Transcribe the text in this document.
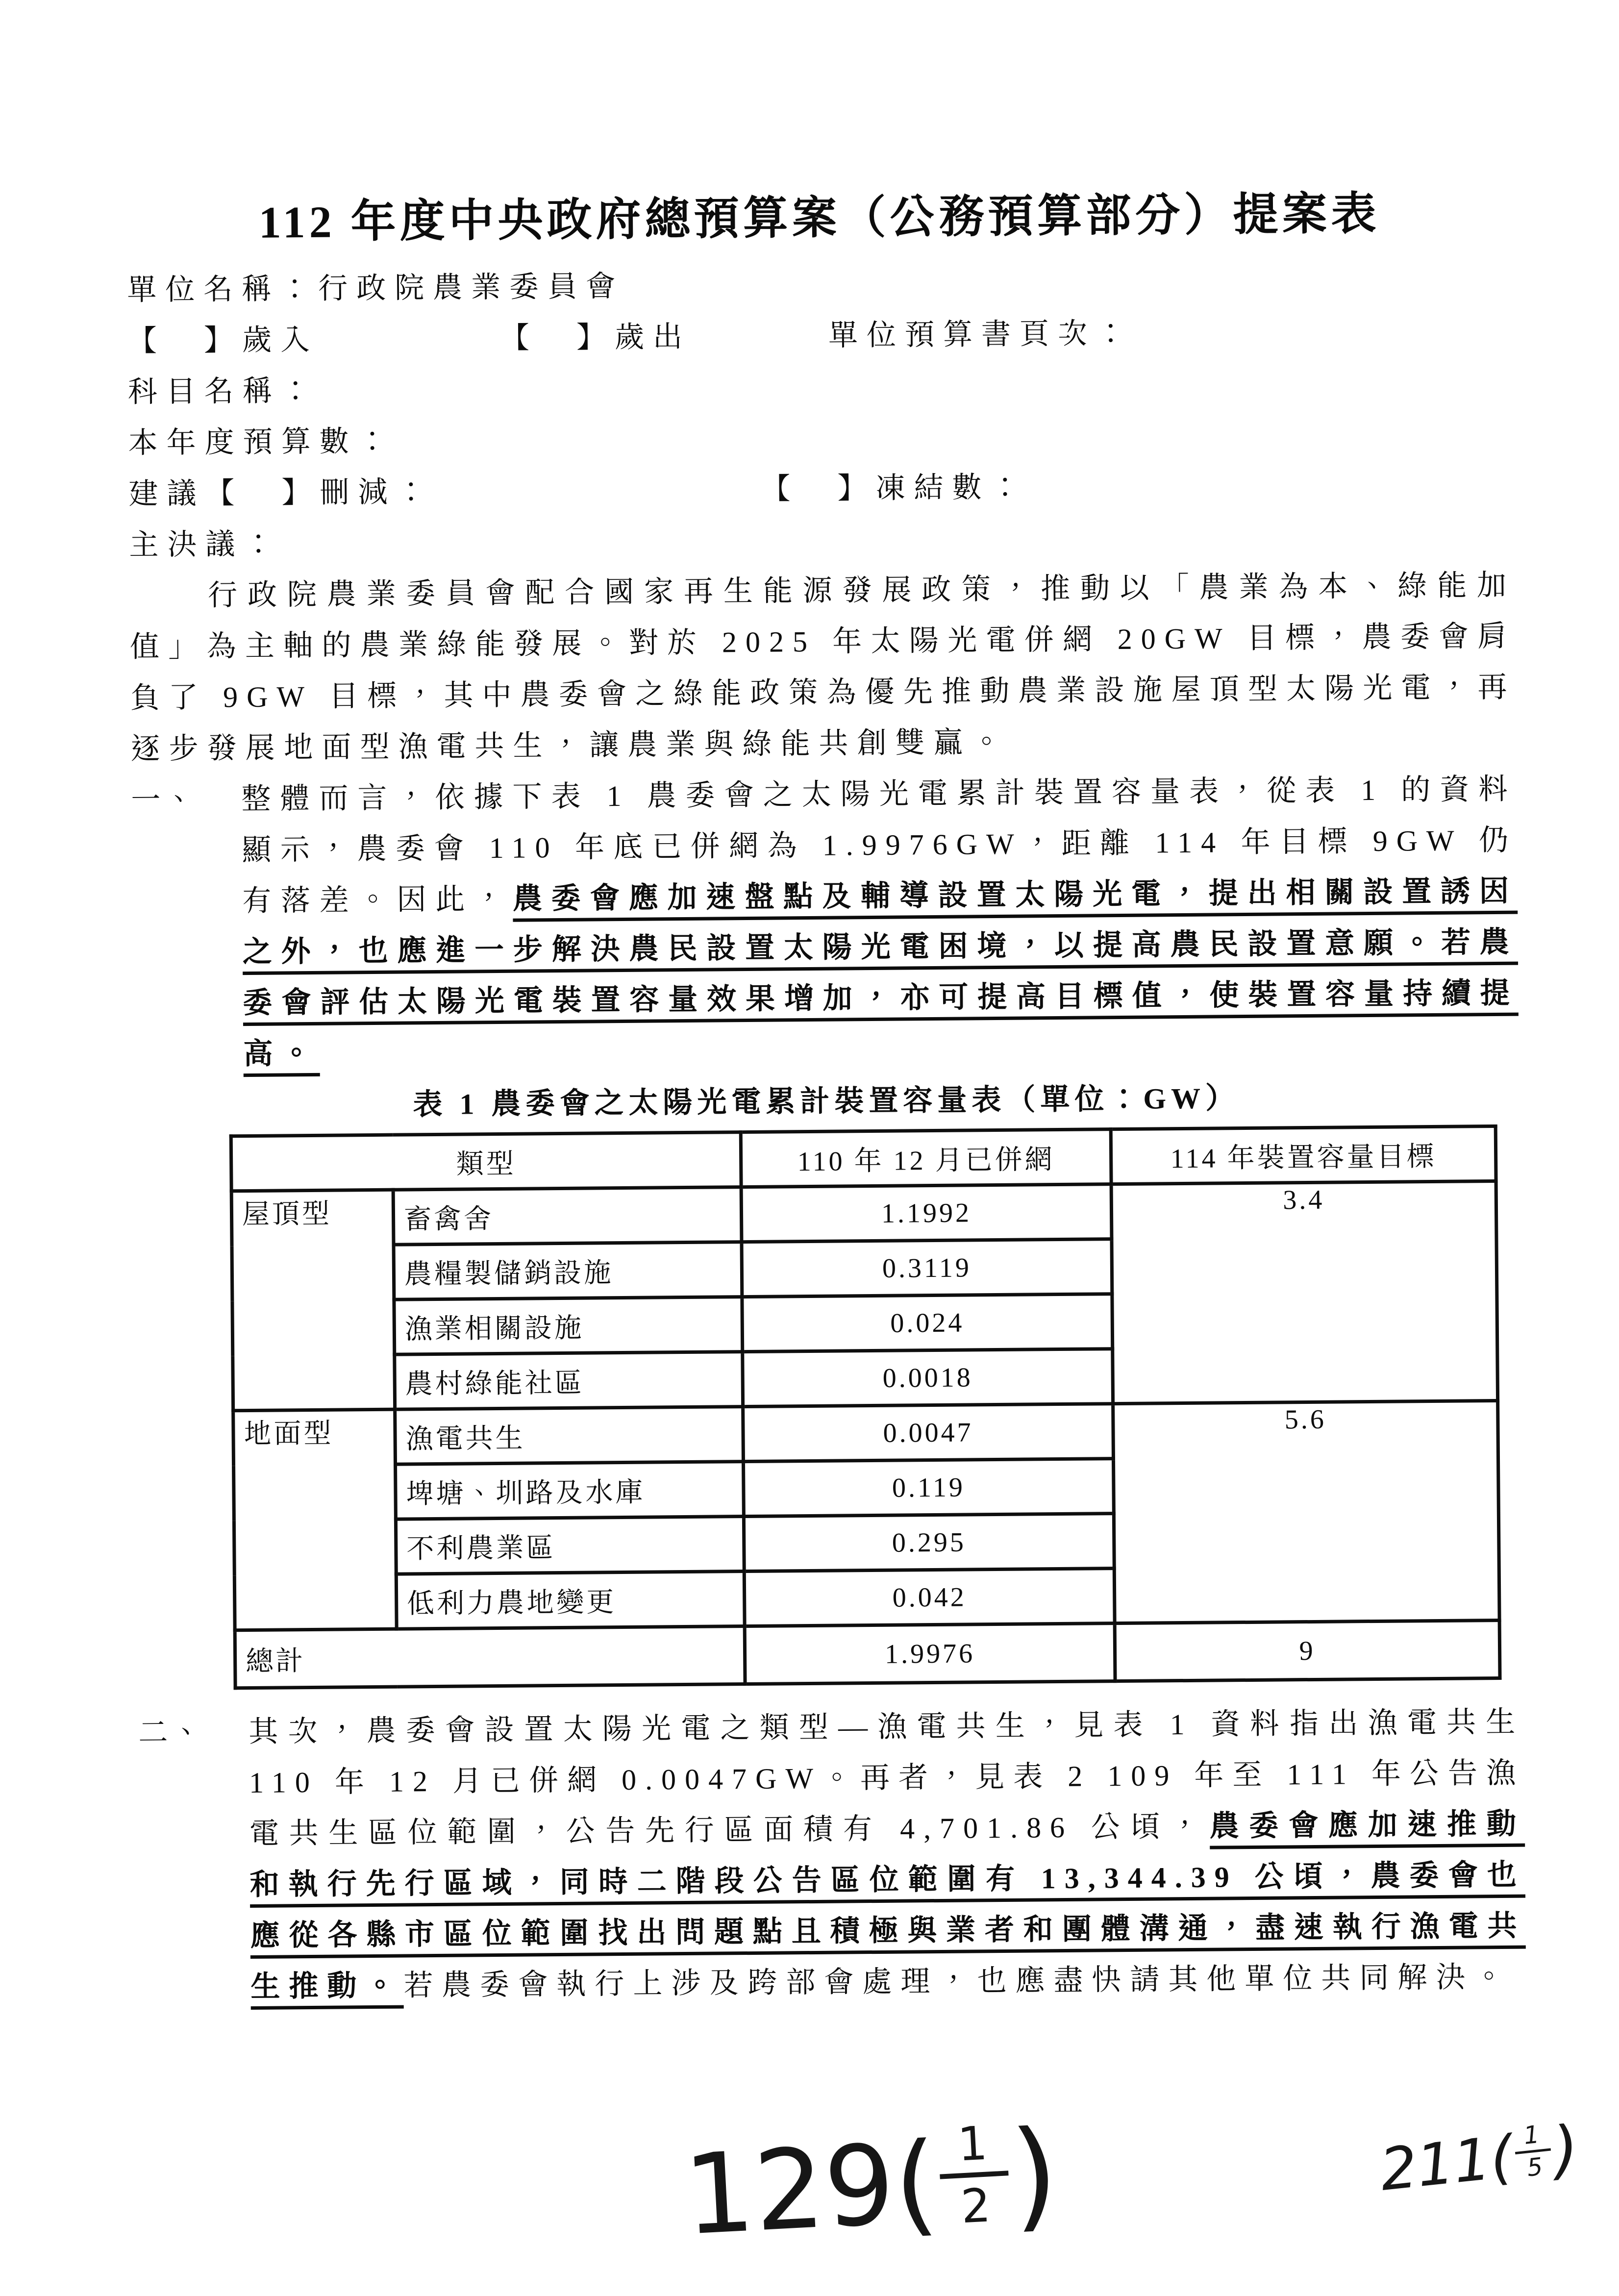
112 年度中央政府總預算案（公務預算部分）提案表
單位名稱：行政院農業委員會
【　】歲入	【　】歲出	單位預算書頁次：
科目名稱：
本年度預算數：
建議【　】刪減：	【　】凍結數：
主決議：

行政院農業委員會配合國家再生能源發展政策，推動以「農業為本、綠能加值」為主軸的農業綠能發展。對於 2025 年太陽光電併網 20GW 目標，農委會肩負了 9GW 目標，其中農委會之綠能政策為優先推動農業設施屋頂型太陽光電，再逐步發展地面型漁電共生，讓農業與綠能共創雙贏。

一、 整體而言，依據下表 1 農委會之太陽光電累計裝置容量表，從表 1 的資料顯示，農委會 110 年底已併網為 1.9976GW，距離 114 年目標 9GW 仍有落差。因此，農委會應加速盤點及輔導設置太陽光電，提出相關設置誘因之外，也應進一步解決農民設置太陽光電困境，以提高農民設置意願。若農委會評估太陽光電裝置容量效果增加，亦可提高目標值，使裝置容量持續提高。
表 1 農委會之太陽光電累計裝置容量表（單位：GW）
類型		110 年 12 月已併網	114 年裝置容量目標
屋頂型	畜禽舍	1.1992	3.4
	農糧製儲銷設施	0.3119	
	漁業相關設施	0.024	
	農村綠能社區	0.0018	
地面型	漁電共生	0.0047	5.6
	埤塘、圳路及水庫	0.119	
	不利農業區	0.295	
	低利力農地變更	0.042	
總計		1.9976	9
二、 其次，農委會設置太陽光電之類型—漁電共生，見表 1 資料指出漁電共生 110 年 12 月已併網 0.0047GW。再者，見表 2 109 年至 111 年公告漁電共生區位範圍，公告先行區面積有 4,701.86 公頃，農委會應加速推動和執行先行區域，同時二階段公告區位範圍有 13,344.39 公頃，農委會也應從各縣市區位範圍找出問題點且積極與業者和團體溝通，盡速執行漁電共生推動。若農委會執行上涉及跨部會處理，也應盡快請其他單位共同解決。
129( 1
2 )	211( 1
5 )
